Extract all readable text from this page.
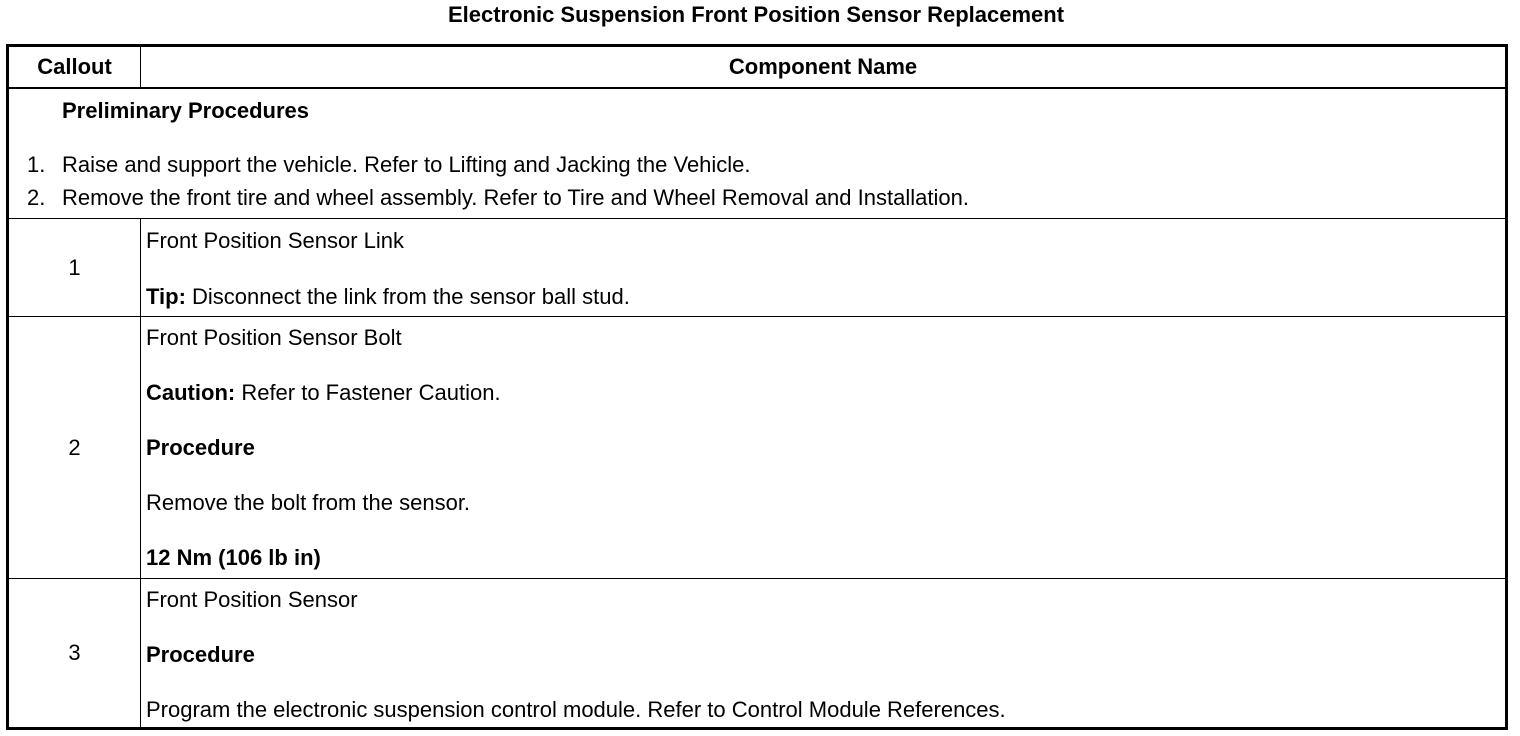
Electronic Suspension Front Position Sensor Replacement
Callout	Component Name
Preliminary Procedures
1. Raise and support the vehicle. Refer to Lifting and Jacking the Vehicle.
2. Remove the front tire and wheel assembly. Refer to Tire and Wheel Removal and Installation.
1
Front Position Sensor Link
Tip: Disconnect the link from the sensor ball stud.
2
Front Position Sensor Bolt
Caution: Refer to Fastener Caution.
Procedure
Remove the bolt from the sensor.
12 Nm (106 lb in)
3
Front Position Sensor
Procedure
Program the electronic suspension control module. Refer to Control Module References.
